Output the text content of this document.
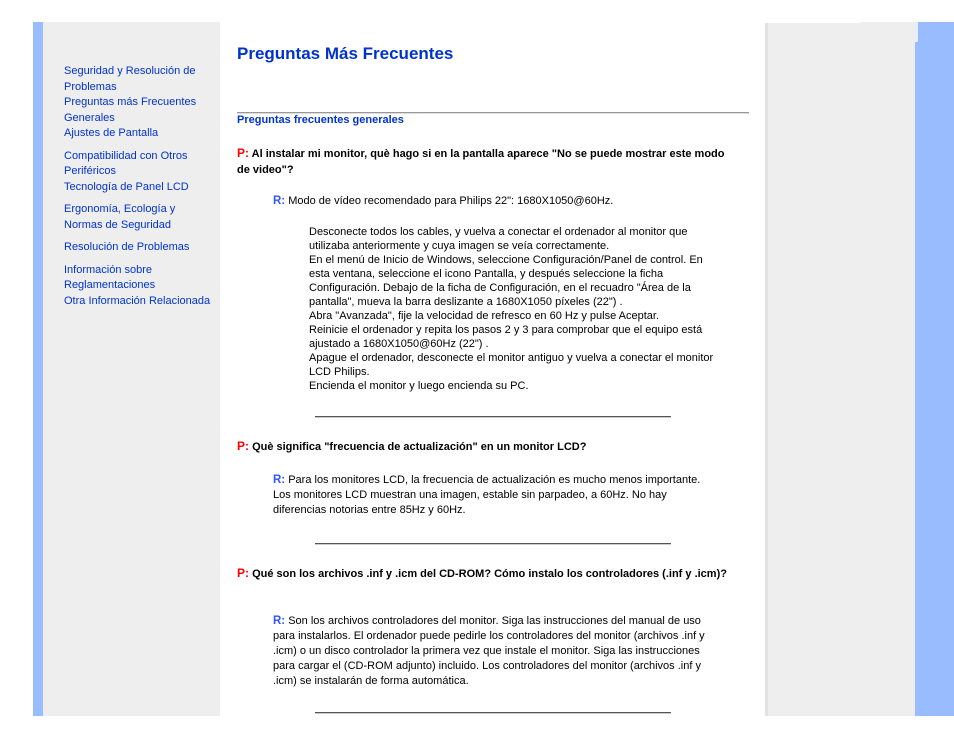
Seguridad y Resolución de Problemas
Preguntas más Frecuentes Generales
Ajustes de Pantalla
Compatibilidad con Otros Periféricos
Tecnología de Panel LCD
Ergonomía, Ecología y Normas de Seguridad
Resolución de Problemas
Información sobre Reglamentaciones
Otra Información Relacionada
Preguntas Más Frecuentes
Preguntas frecuentes generales
P: Al instalar mi monitor, què hago si en la pantalla aparece "No se puede mostrar este modo de video"?
R: Modo de vídeo recomendado para Philips 22": 1680X1050@60Hz.
Desconecte todos los cables, y vuelva a conectar el ordenador al monitor que utilizaba anteriormente y cuya imagen se veía correctamente.
En el menú de Inicio de Windows, seleccione Configuración/Panel de control. En esta ventana, seleccione el icono Pantalla, y después seleccione la ficha Configuración. Debajo de la ficha de Configuración, en el recuadro "Área de la pantalla", mueva la barra deslizante a 1680X1050 píxeles (22") .
Abra "Avanzada", fije la velocidad de refresco en 60 Hz y pulse Aceptar.
Reinicie el ordenador y repita los pasos 2 y 3 para comprobar que el equipo está ajustado a 1680X1050@60Hz (22") .
Apague el ordenador, desconecte el monitor antiguo y vuelva a conectar el monitor LCD Philips.
Encienda el monitor y luego encienda su PC.
P: Què significa "frecuencia de actualización" en un monitor LCD?
R: Para los monitores LCD, la frecuencia de actualización es mucho menos importante. Los monitores LCD muestran una imagen, estable sin parpadeo, a 60Hz. No hay diferencias notorias entre 85Hz y 60Hz.
P: Qué son los archivos .inf y .icm del CD-ROM? Cómo instalo los controladores (.inf y .icm)?
R: Son los archivos controladores del monitor. Siga las instrucciones del manual de uso para instalarlos. El ordenador puede pedirle los controladores del monitor (archivos .inf y .icm) o un disco controlador la primera vez que instale el monitor. Siga las instrucciones para cargar el (CD-ROM adjunto) incluido. Los controladores del monitor (archivos .inf y .icm) se instalarán de forma automática.
